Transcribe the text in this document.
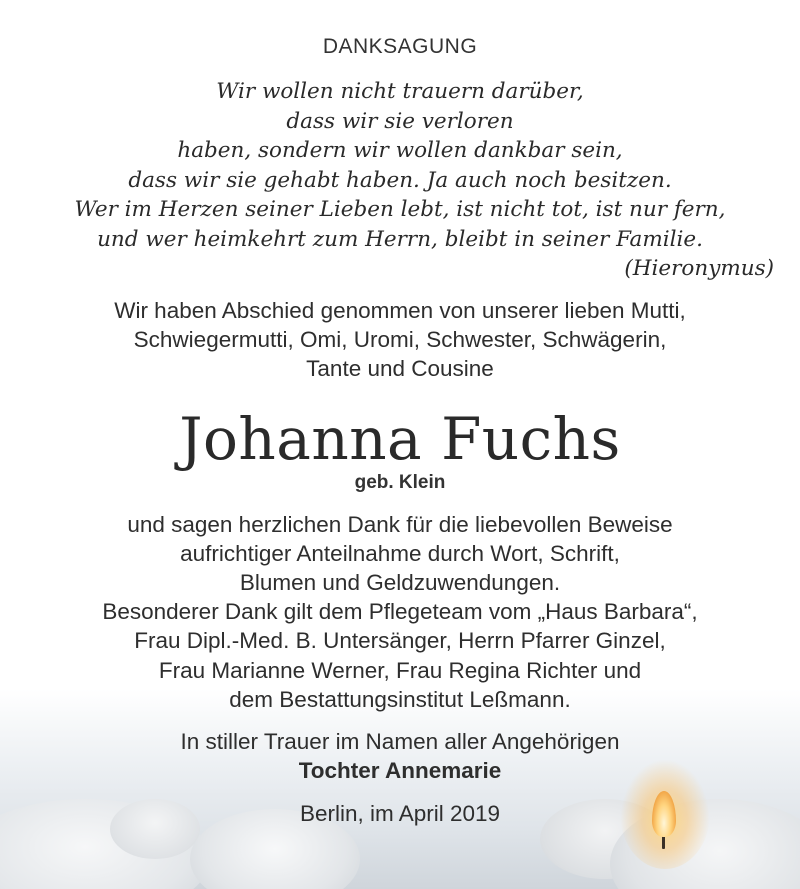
DANKSAGUNG
Wir wollen nicht trauern darüber,
dass wir sie verloren
haben, sondern wir wollen dankbar sein,
dass wir sie gehabt haben. Ja auch noch besitzen.
Wer im Herzen seiner Lieben lebt, ist nicht tot, ist nur fern,
und wer heimkehrt zum Herrn, bleibt in seiner Familie.
(Hieronymus)
Wir haben Abschied genommen von unserer lieben Mutti,
Schwiegermutti, Omi, Uromi, Schwester, Schwägerin,
Tante und Cousine
Johanna Fuchs
geb. Klein
und sagen herzlichen Dank für die liebevollen Beweise
aufrichtiger Anteilnahme durch Wort, Schrift,
Blumen und Geldzuwendungen.
Besonderer Dank gilt dem Pflegeteam vom „Haus Barbara“,
Frau Dipl.-Med. B. Untersänger, Herrn Pfarrer Ginzel,
Frau Marianne Werner, Frau Regina Richter und
dem Bestattungsinstitut Leßmann.
In stiller Trauer im Namen aller Angehörigen
Tochter Annemarie
Berlin, im April 2019
